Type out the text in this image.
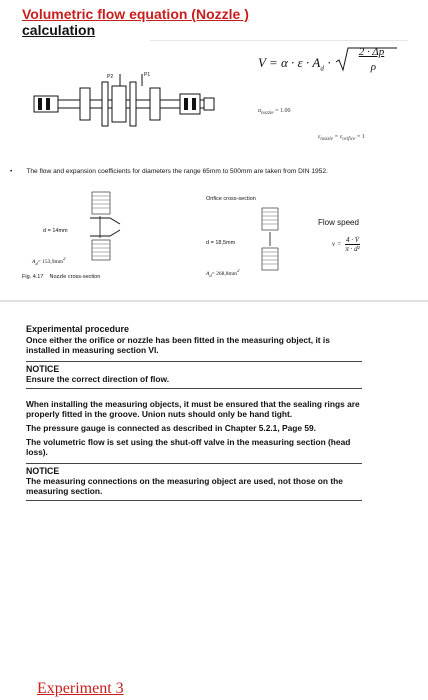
Volumetric flow equation (Nozzle )
calculation
$V = \alpha \cdot \varepsilon \cdot A_d \cdot \frac{2 \cdot \Delta p}{\rho}$
$\alpha_{nozzle} = 1.00$
$\varepsilon_{nozzle} = \varepsilon_{orifice} = 1$
P2	P1
• The flow and expansion coefficients for diameters the range 65mm to 500mm are taken from DIN 1952.
d = 14mm
$A_d= 153,9mm^2$
Fig. 4.17 Nozzle cross-section
Orifice cross-section
d = 18,5mm
$A_d= 268,8mm^2$
Flow speed
$v = \frac{4 \cdot V̇}{\text{π · d²}}$
Experimental procedure

Once either the orifice or nozzle has been fitted in the measuring object, it is installed in measuring section VI.

NOTICE

Ensure the correct direction of flow.

When installing the measuring objects, it must be ensured that the sealing rings are properly fitted in the groove. Union nuts should only be hand tight.

The pressure gauge is connected as described in Chapter 5.2.1, Page 59.

The volumetric flow is set using the shut-off valve in the measuring section (head loss).

NOTICE

The measuring connections on the measuring object are used, not those on the measuring section.

Experiment 3
